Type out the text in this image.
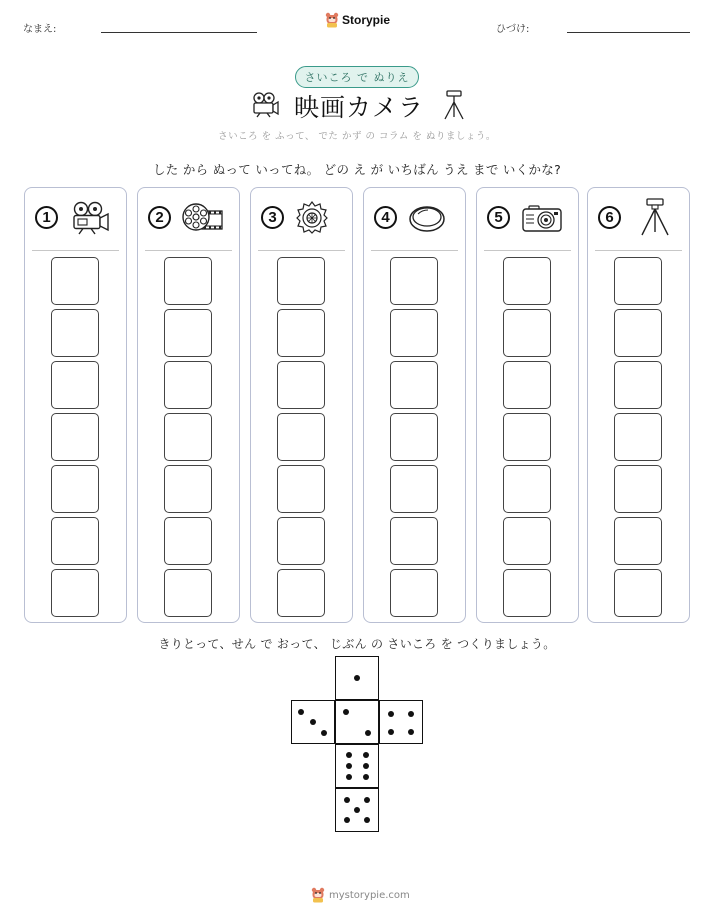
なまえ:
Storypie
ひづけ:
さいころ で ぬりえ
映画カメラ
さいころ を ふって、 でた かず の コラム を ぬりましょう。
した から ぬって いってね。 どの え が いちばん うえ まで いくかな?
1	2	3	4	5	6
きりとって、せん で おって、 じぶん の さいころ を つくりましょう。
mystorypie.com
